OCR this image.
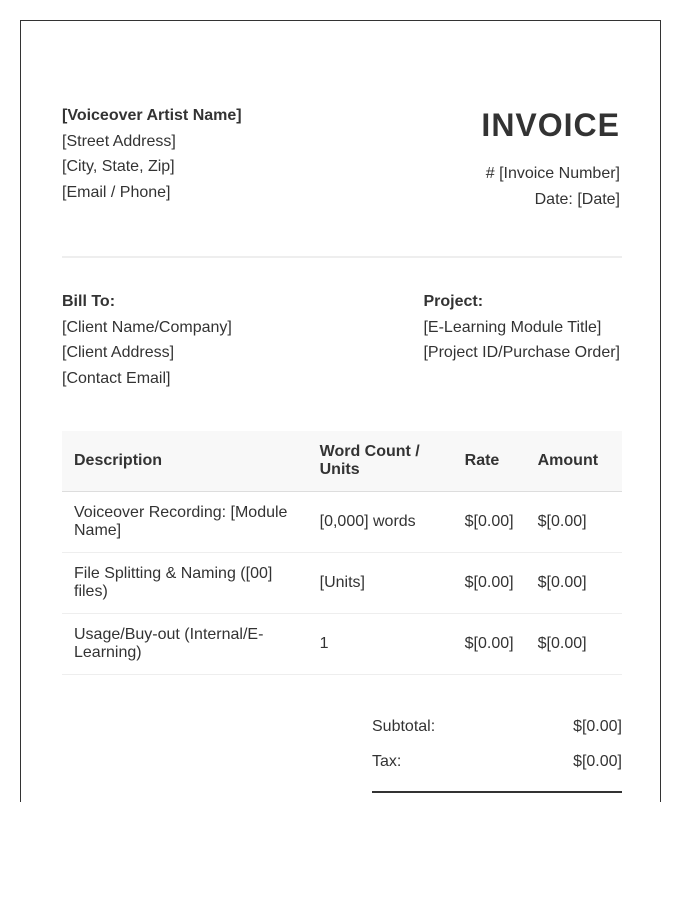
[Voiceover Artist Name]
[Street Address]
[City, State, Zip]
[Email / Phone]
INVOICE
# [Invoice Number]
Date: [Date]
Bill To:
[Client Name/Company]
[Client Address]
[Contact Email]
Project:
[E-Learning Module Title]
[Project ID/Purchase Order]
Description	Word Count / Units	Rate	Amount
Voiceover Recording: [Module Name]	[0,000] words	$[0.00]	$[0.00]
File Splitting & Naming ([00] files)	[Units]	$[0.00]	$[0.00]
Usage/Buy-out (Internal/E-Learning)	1	$[0.00]	$[0.00]
Subtotal:	$[0.00]
Tax:	$[0.00]
